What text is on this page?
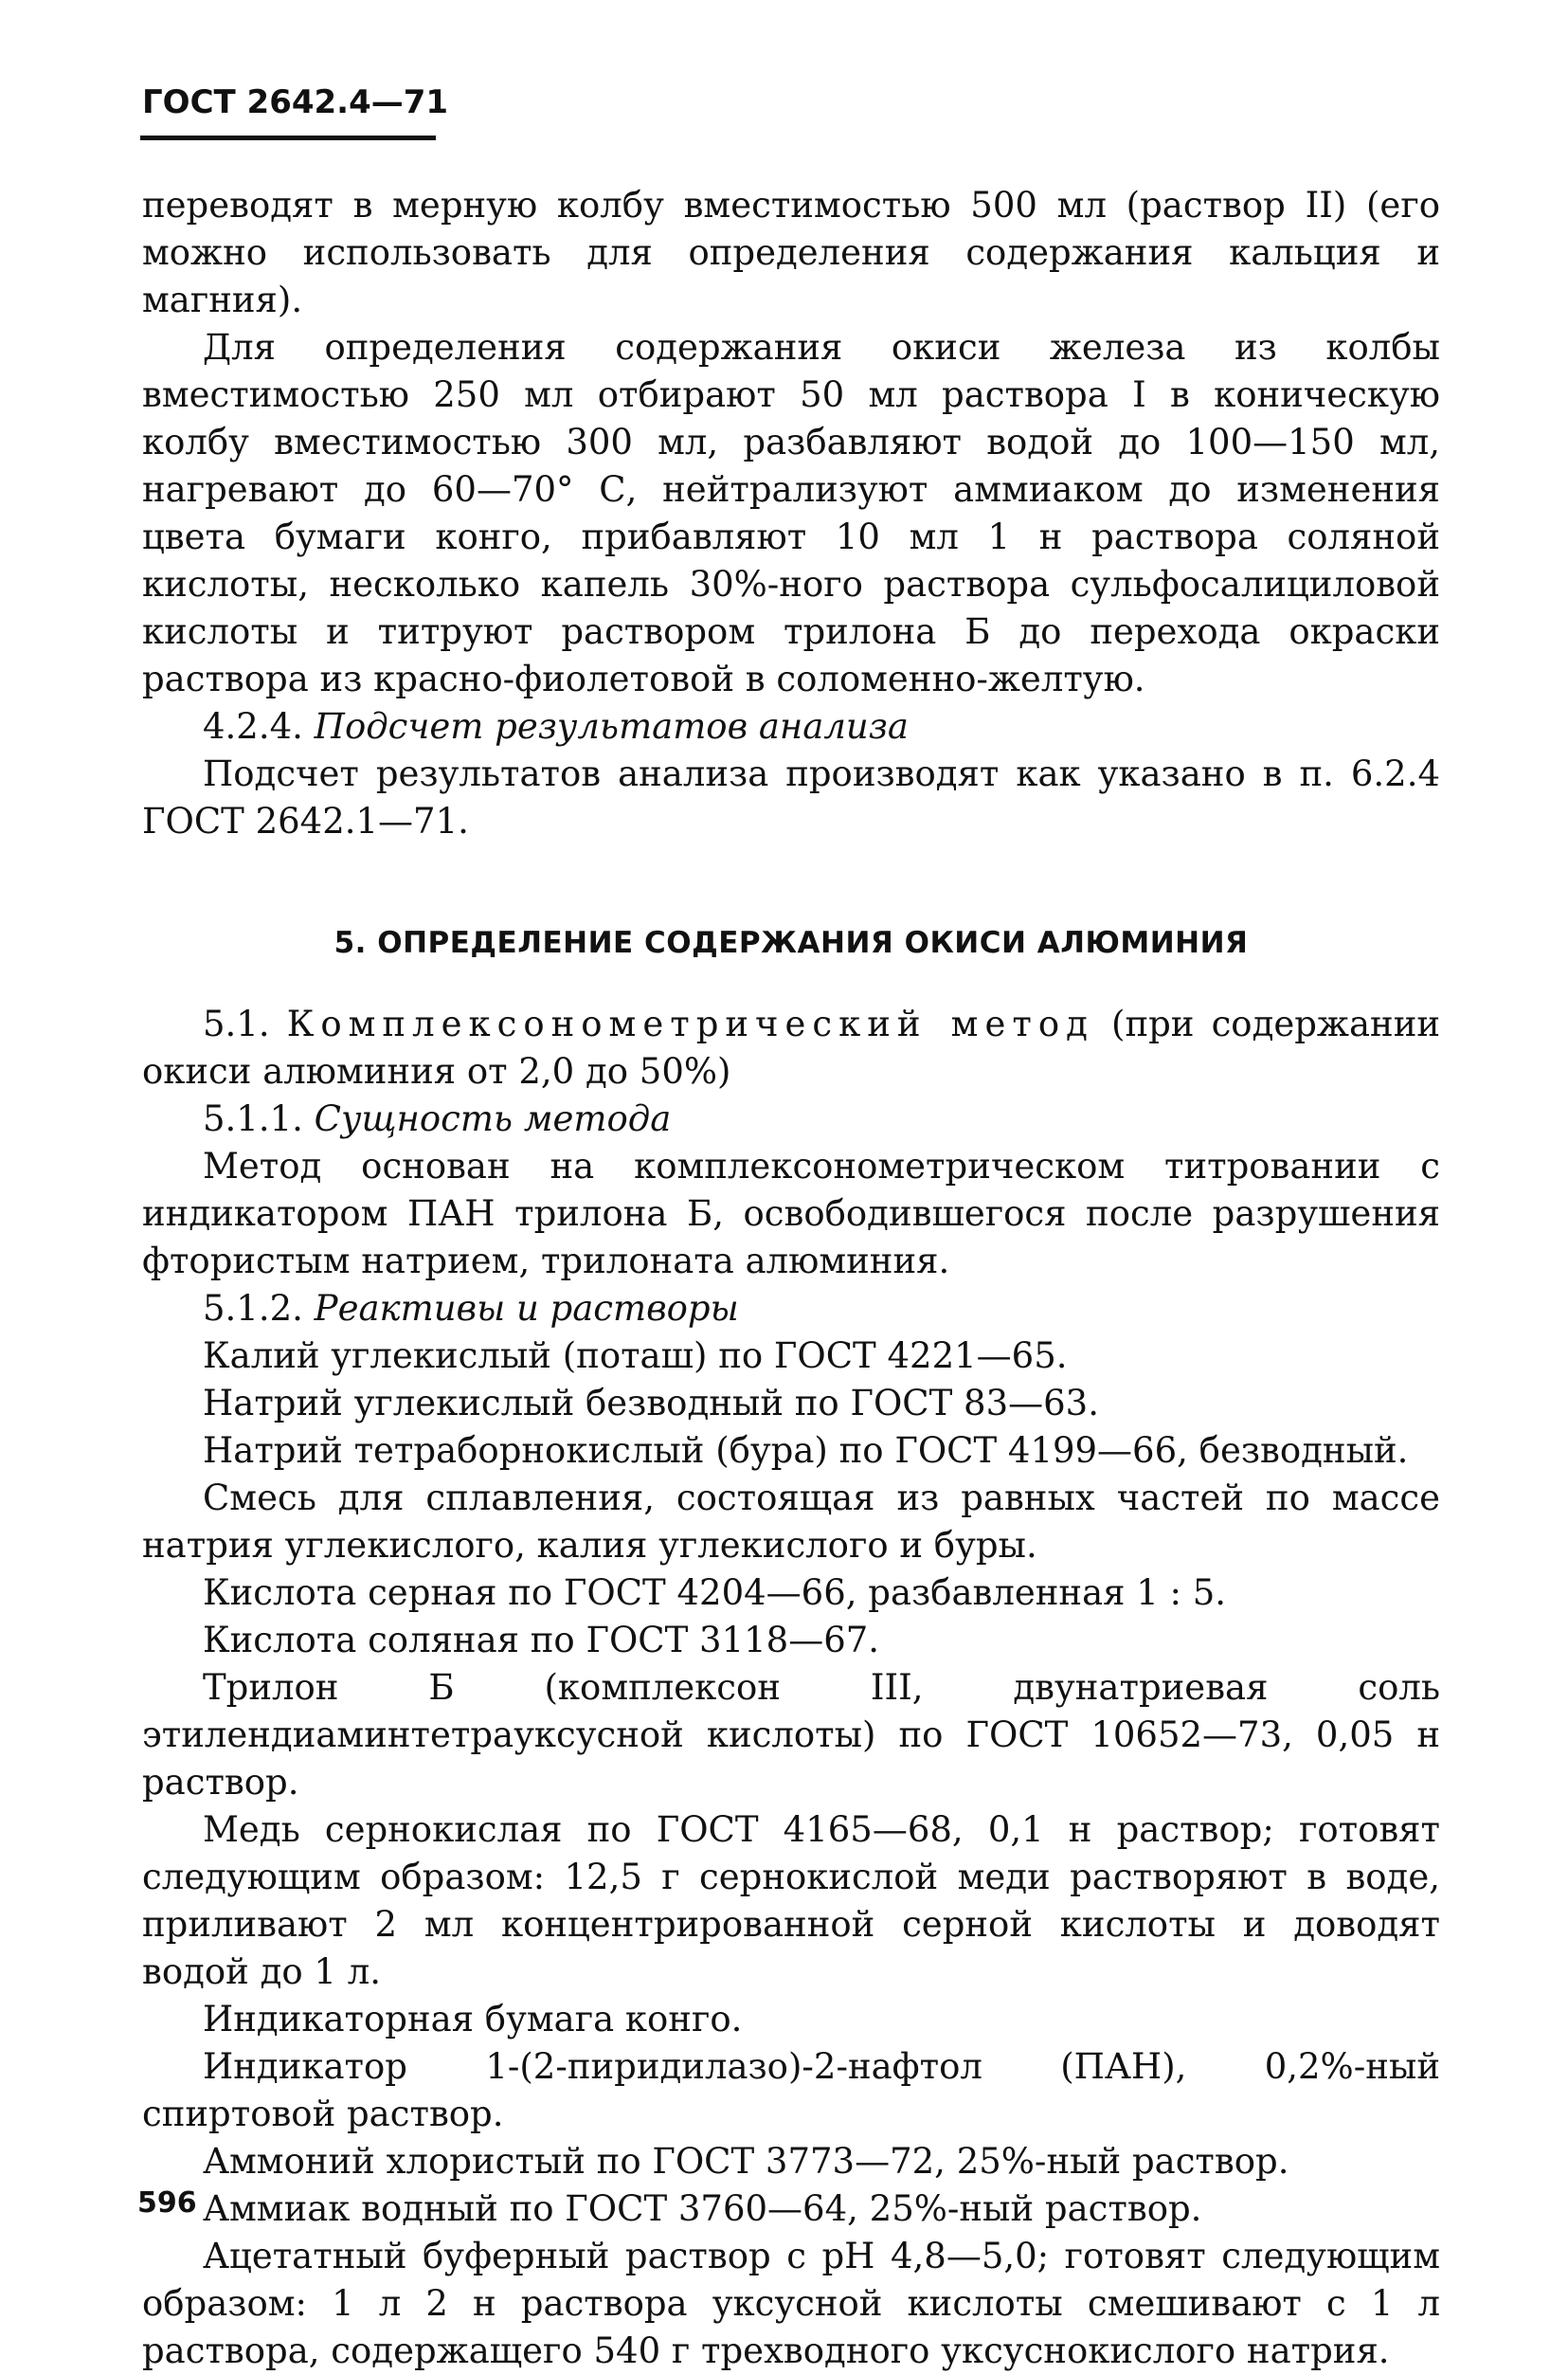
ГОСТ 2642.4—71

переводят в мерную колбу вместимостью 500 мл (раствор II) (его можно использовать для определения содержания кальция и магния).

Для определения содержания окиси железа из колбы вместимостью 250 мл отбирают 50 мл раствора I в коническую колбу вместимостью 300 мл, разбавляют водой до 100—150 мл, нагревают до 60—70° С, нейтрализуют аммиаком до изменения цвета бумаги конго, прибавляют 10 мл 1 н раствора соляной кислоты, несколько капель 30%-ного раствора сульфосалициловой кислоты и титруют раствором трилона Б до перехода окраски раствора из красно-фиолетовой в соломенно-желтую.

4.2.4. Подсчет результатов анализа

Подсчет результатов анализа производят как указано в п. 6.2.4 ГОСТ 2642.1—71.

5. ОПРЕДЕЛЕНИЕ СОДЕРЖАНИЯ ОКИСИ АЛЮМИНИЯ

5.1. Комплексонометрический метод (при содержании окиси алюминия от 2,0 до 50%)

5.1.1. Сущность метода

Метод основан на комплексонометрическом титровании с индикатором ПАН трилона Б, освободившегося после разрушения фтористым натрием, трилоната алюминия.

5.1.2. Реактивы и растворы

Калий углекислый (поташ) по ГОСТ 4221—65.

Натрий углекислый безводный по ГОСТ 83—63.

Натрий тетраборнокислый (бура) по ГОСТ 4199—66, безводный.

Смесь для сплавления, состоящая из равных частей по массе натрия углекислого, калия углекислого и буры.

Кислота серная по ГОСТ 4204—66, разбавленная 1 : 5.

Кислота соляная по ГОСТ 3118—67.

Трилон Б (комплексон III, двунатриевая соль этилендиаминтетрауксусной кислоты) по ГОСТ 10652—73, 0,05 н раствор.

Медь сернокислая по ГОСТ 4165—68, 0,1 н раствор; готовят следующим образом: 12,5 г сернокислой меди растворяют в воде, приливают 2 мл концентрированной серной кислоты и доводят водой до 1 л.

Индикаторная бумага конго.

Индикатор 1-(2-пиридилазо)-2-нафтол (ПАН), 0,2%-ный спиртовой раствор.

Аммоний хлористый по ГОСТ 3773—72, 25%-ный раствор.

Аммиак водный по ГОСТ 3760—64, 25%-ный раствор.

Ацетатный буферный раствор с pH 4,8—5,0; готовят следующим образом: 1 л 2 н раствора уксусной кислоты смешивают с 1 л раствора, содержащего 540 г трехводного уксуснокислого натрия.

596
